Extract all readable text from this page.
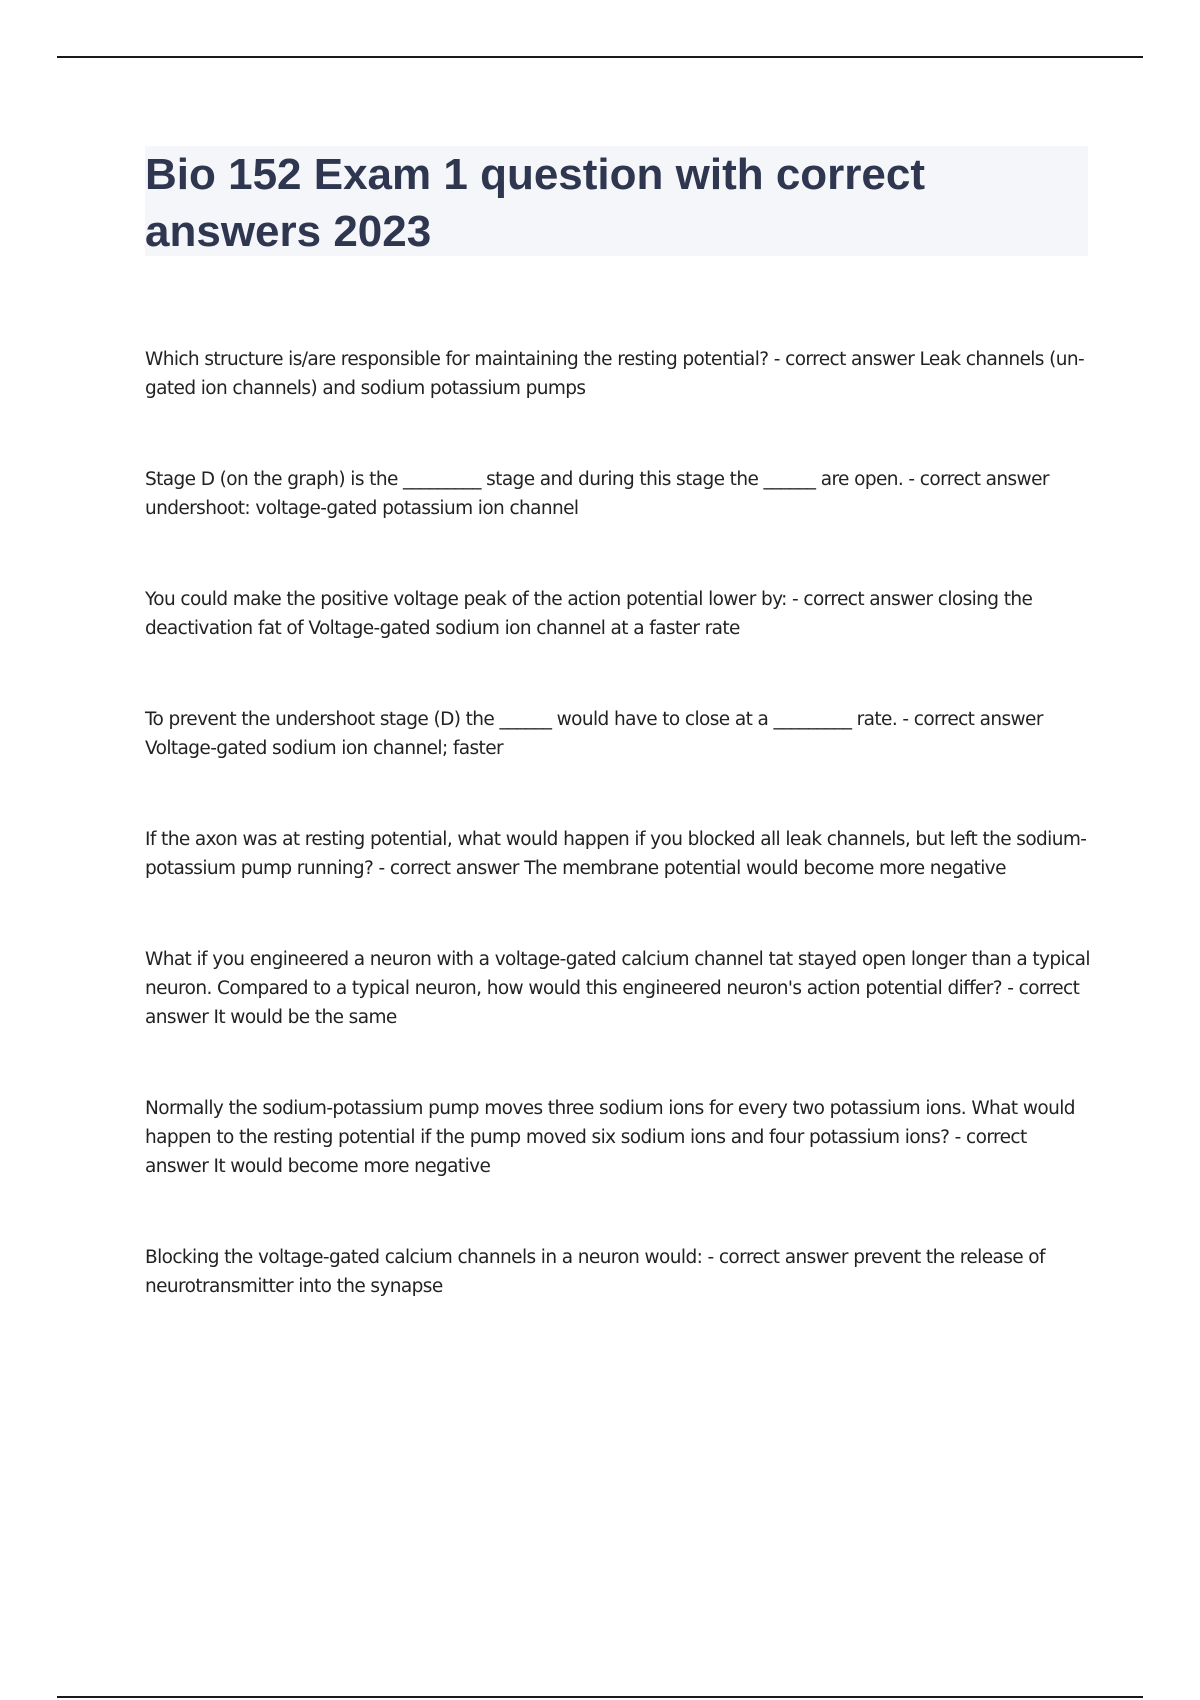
Bio 152 Exam 1 question with correct answers 2023

Which structure is/are responsible for maintaining the resting potential? - correct answer Leak channels (un-gated ion channels) and sodium potassium pumps

Stage D (on the graph) is the _________ stage and during this stage the ______ are open. - correct answer undershoot: voltage-gated potassium ion channel

You could make the positive voltage peak of the action potential lower by: - correct answer closing the deactivation fat of Voltage-gated sodium ion channel at a faster rate

To prevent the undershoot stage (D) the ______ would have to close at a _________ rate. - correct answer Voltage-gated sodium ion channel; faster

If the axon was at resting potential, what would happen if you blocked all leak channels, but left the sodium-potassium pump running? - correct answer The membrane potential would become more negative

What if you engineered a neuron with a voltage-gated calcium channel tat stayed open longer than a typical neuron. Compared to a typical neuron, how would this engineered neuron's action potential differ? - correct answer It would be the same

Normally the sodium-potassium pump moves three sodium ions for every two potassium ions. What would happen to the resting potential if the pump moved six sodium ions and four potassium ions? - correct answer It would become more negative

Blocking the voltage-gated calcium channels in a neuron would: - correct answer prevent the release of neurotransmitter into the synapse
